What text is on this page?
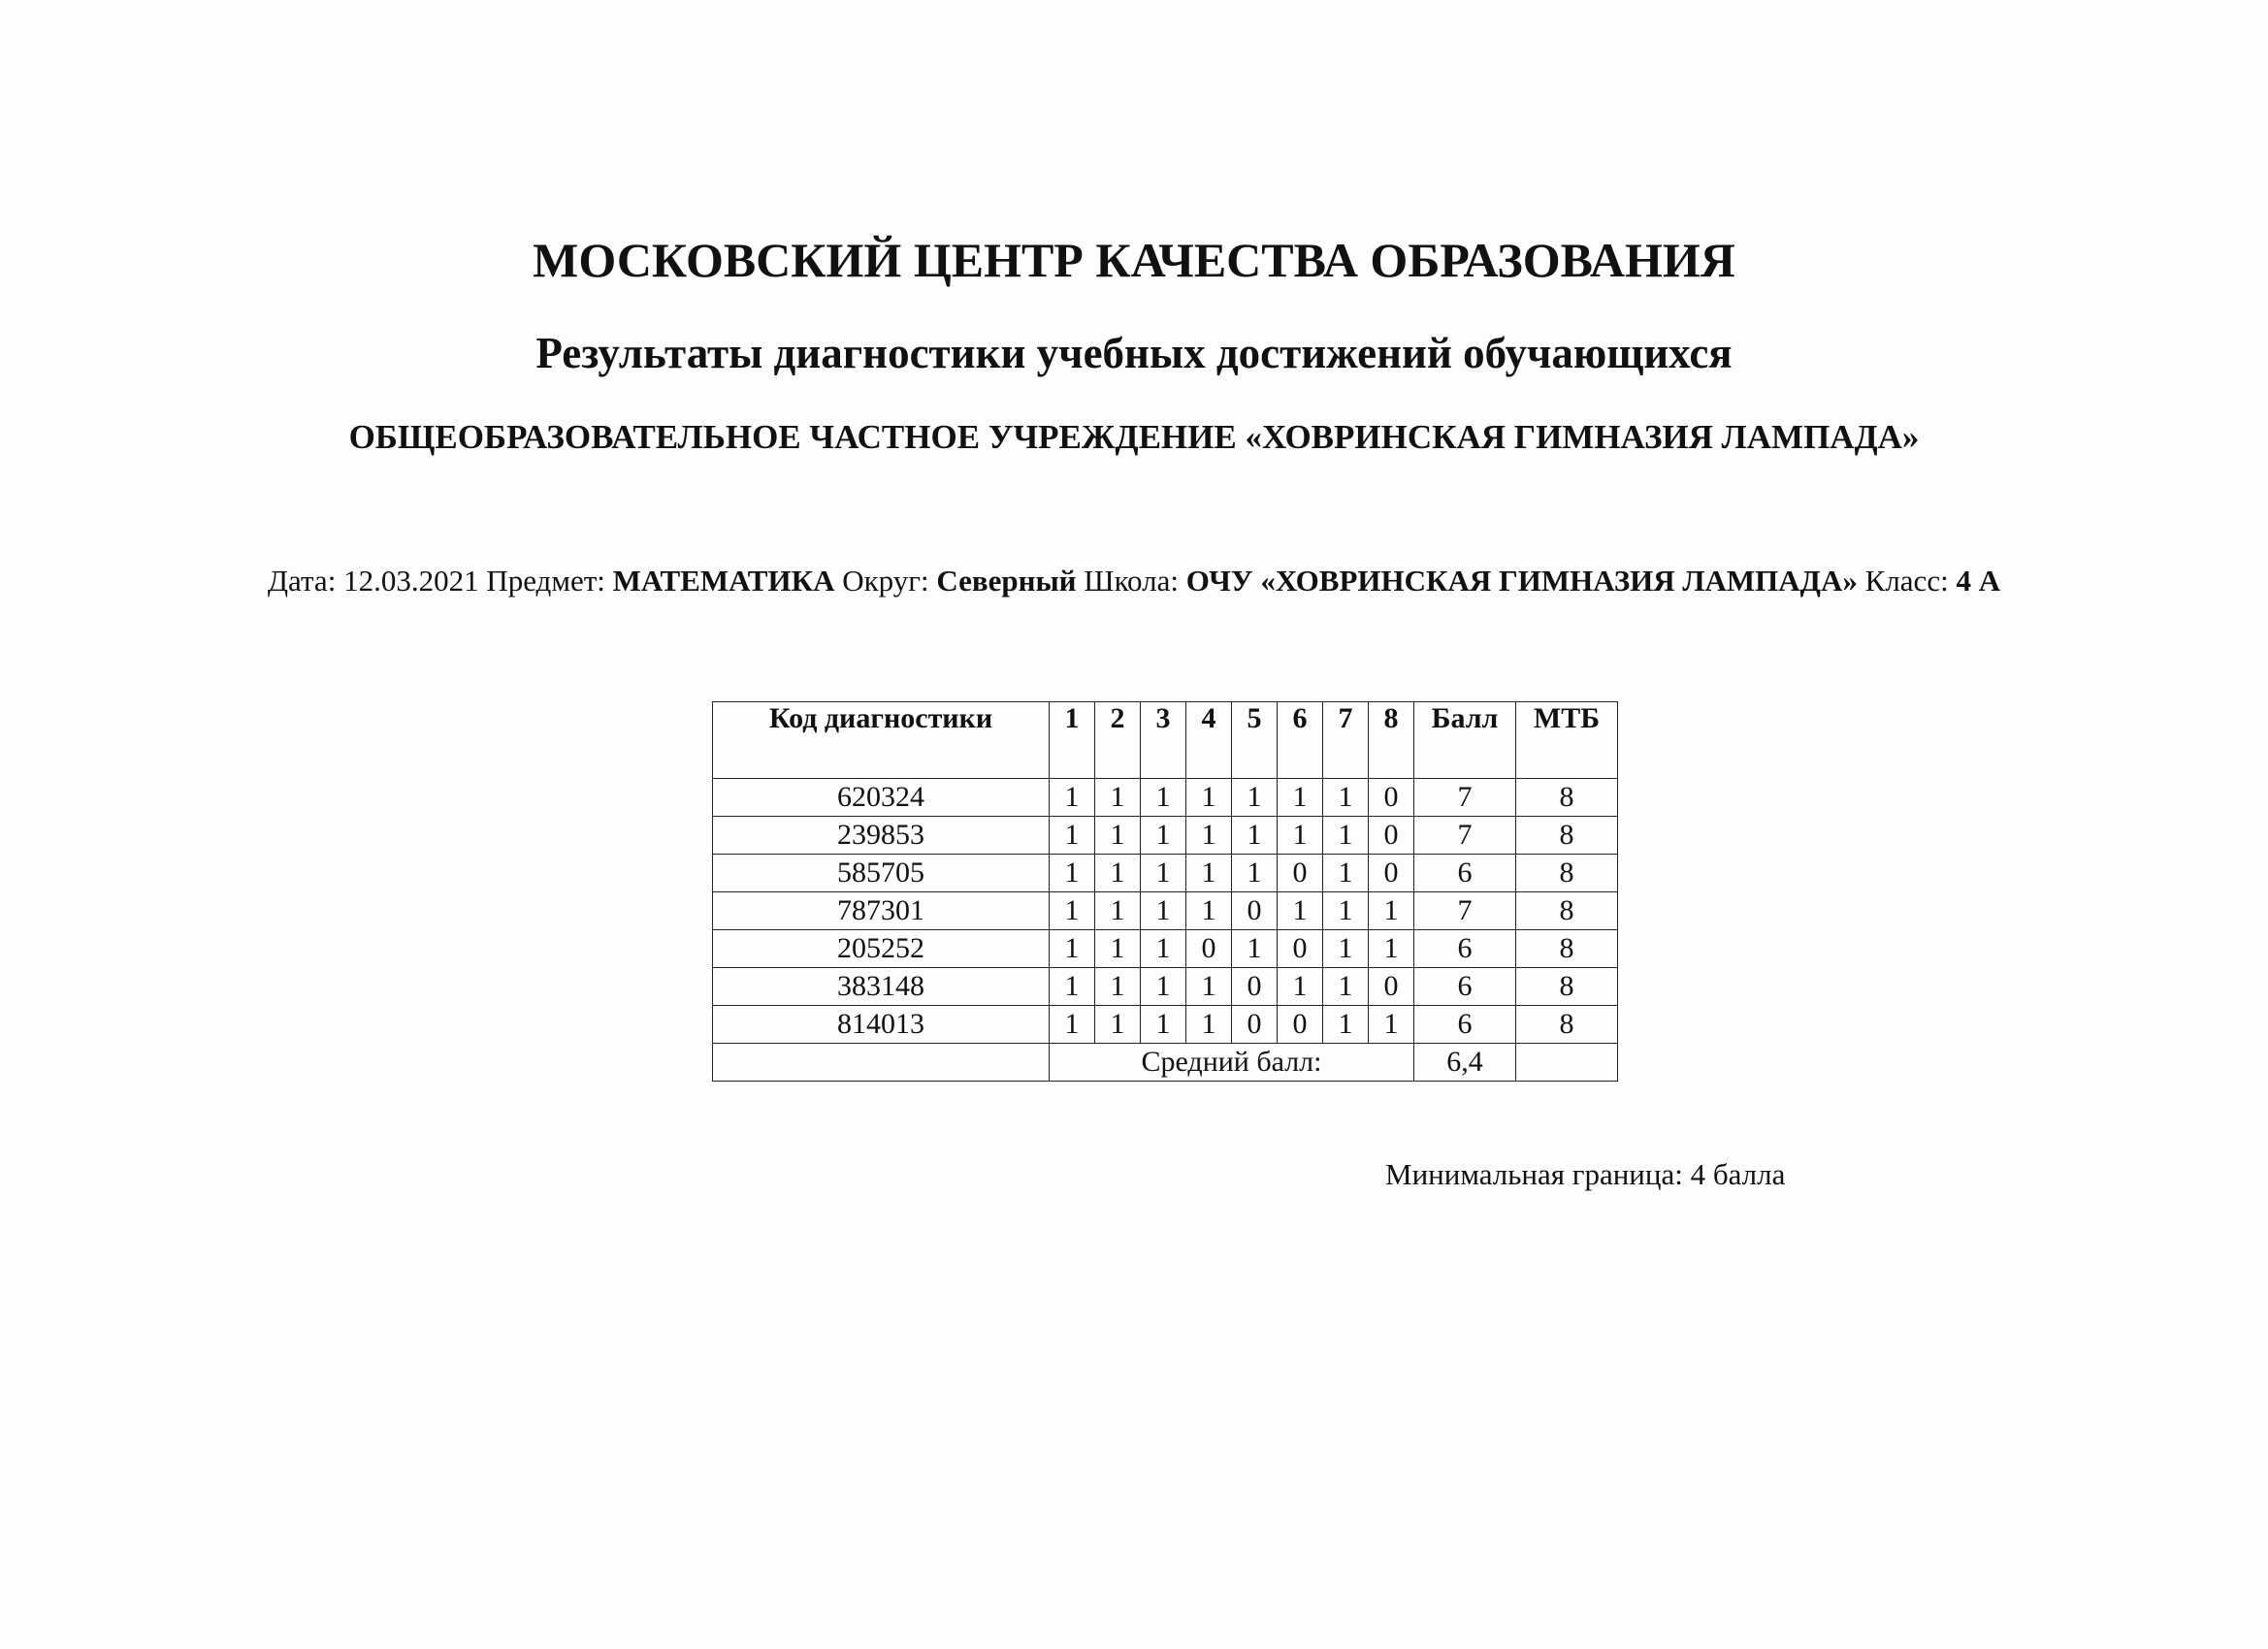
МОСКОВСКИЙ ЦЕНТР КАЧЕСТВА ОБРАЗОВАНИЯ
Результаты диагностики учебных достижений обучающихся
ОБЩЕОБРАЗОВАТЕЛЬНОЕ ЧАСТНОЕ УЧРЕЖДЕНИЕ «ХОВРИНСКАЯ ГИМНАЗИЯ ЛАМПАДА»
Дата: 12.03.2021 Предмет: МАТЕМАТИКА Округ: Северный Школа: ОЧУ «ХОВРИНСКАЯ ГИМНАЗИЯ ЛАМПАДА» Класс: 4 А
Код диагностики	1	2	3	4	5	6	7	8	Балл	МТБ
620324	1	1	1	1	1	1	1	0	7	8
239853	1	1	1	1	1	1	1	0	7	8
585705	1	1	1	1	1	0	1	0	6	8
787301	1	1	1	1	0	1	1	1	7	8
205252	1	1	1	0	1	0	1	1	6	8
383148	1	1	1	1	0	1	1	0	6	8
814013	1	1	1	1	0	0	1	1	6	8
	Средний балл:								6,4	
Минимальная граница: 4 балла
